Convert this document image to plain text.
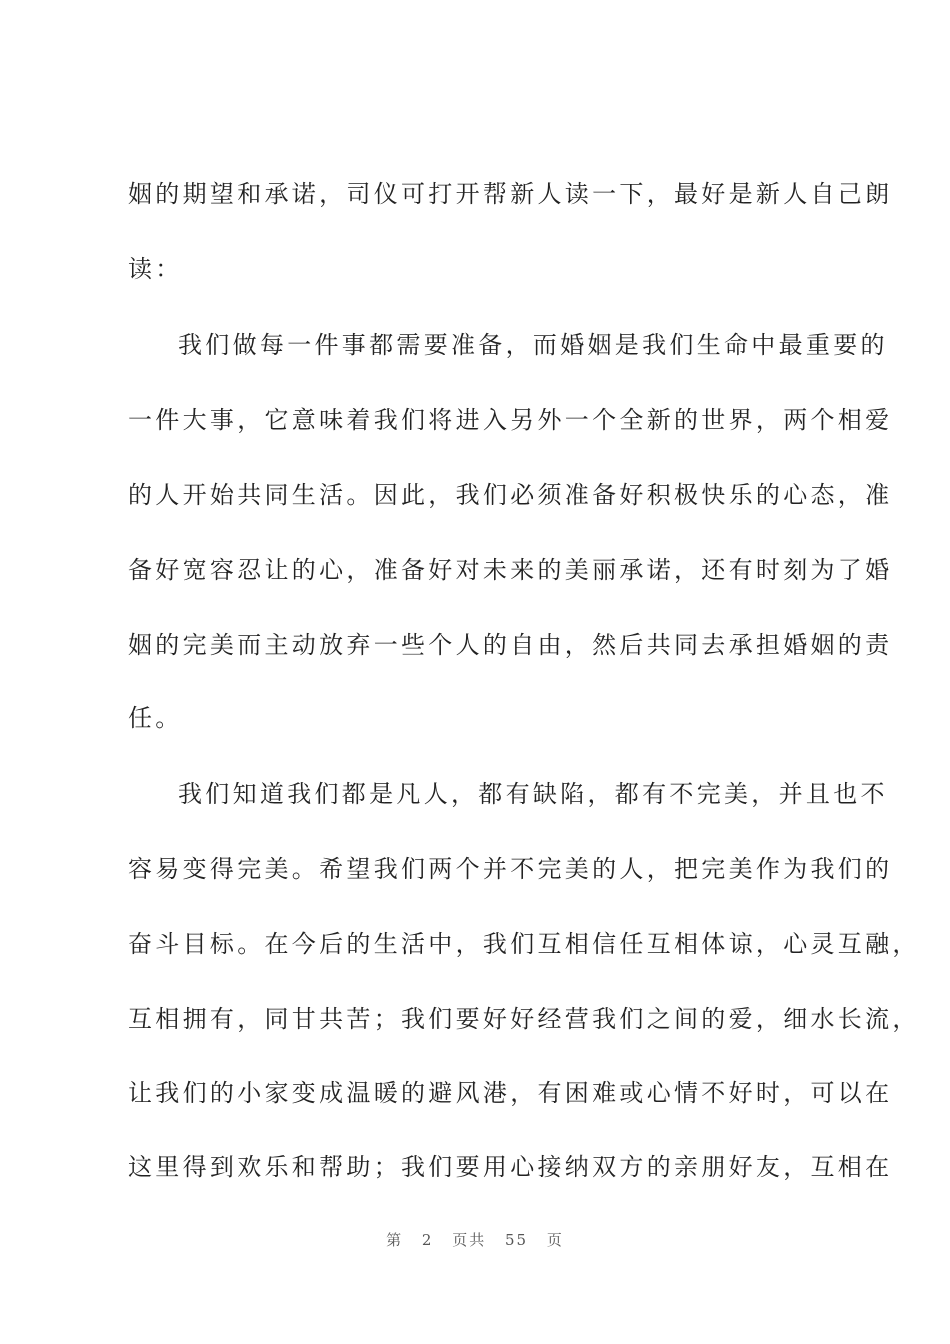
姻的期望和承诺，司仪可打开帮新人读一下，最好是新人自己朗
读：
我们做每一件事都需要准备，而婚姻是我们生命中最重要的
一件大事，它意味着我们将进入另外一个全新的世界，两个相爱
的人开始共同生活。因此，我们必须准备好积极快乐的心态，准
备好宽容忍让的心，准备好对未来的美丽承诺，还有时刻为了婚
姻的完美而主动放弃一些个人的自由，然后共同去承担婚姻的责
任。
我们知道我们都是凡人，都有缺陷，都有不完美，并且也不
容易变得完美。希望我们两个并不完美的人，把完美作为我们的
奋斗目标。在今后的生活中，我们互相信任互相体谅，心灵互融，
互相拥有，同甘共苦；我们要好好经营我们之间的爱，细水长流，
让我们的小家变成温暖的避风港，有困难或心情不好时，可以在
这里得到欢乐和帮助；我们要用心接纳双方的亲朋好友，互相在
第 2 页共 55 页
